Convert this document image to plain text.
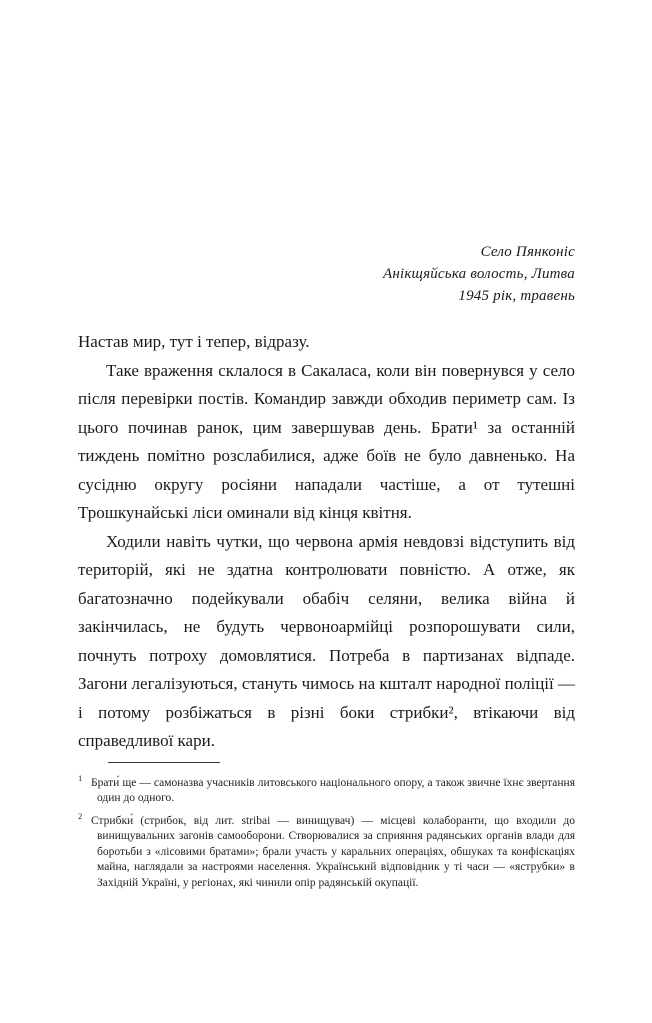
Село Пянконіс
Анікщяйська волость, Литва
1945 рік, травень

Настав мир, тут і тепер, відразу.

Таке враження склалося в Сакаласа, коли він повернувся у село після перевірки постів. Командир завжди обходив периметр сам. Із цього починав ранок, цим завершував день. Брати¹ за останній тиждень помітно розслабилися, адже боїв не було давненько. На сусідню округу росіяни нападали частіше, а от тутешні Трошкунайські ліси оминали від кінця квітня.

Ходили навіть чутки, що червона армія невдовзі відступить від територій, які не здатна контролювати повністю. А отже, як багатозначно подейкували обабіч селяни, велика війна й закінчилась, не будуть червоноармійці розпорошувати сили, почнуть потроху домовлятися. Потреба в партизанах відпаде. Загони легалізуються, стануть чимось на кшталт народної поліції — і потому розбіжаться в різні боки стрибки², втікаючи від справедливої кари.

1 Брати́ ще — самоназва учасників литовського національного опору, а також звичне їхнє звертання один до одного.
2 Стрибки́ (стрибок, від лит. stribai — винищувач) — місцеві колаборанти, що входили до винищувальних загонів самооборони. Створювалися за сприяння радянських органів влади для боротьби з «лісовими братами»; брали участь у каральних операціях, обшуках та конфіскаціях майна, наглядали за настроями населення. Український відповідник у ті часи — «яструбки» в Західній Україні, у регіонах, які чинили опір радянській окупації.
